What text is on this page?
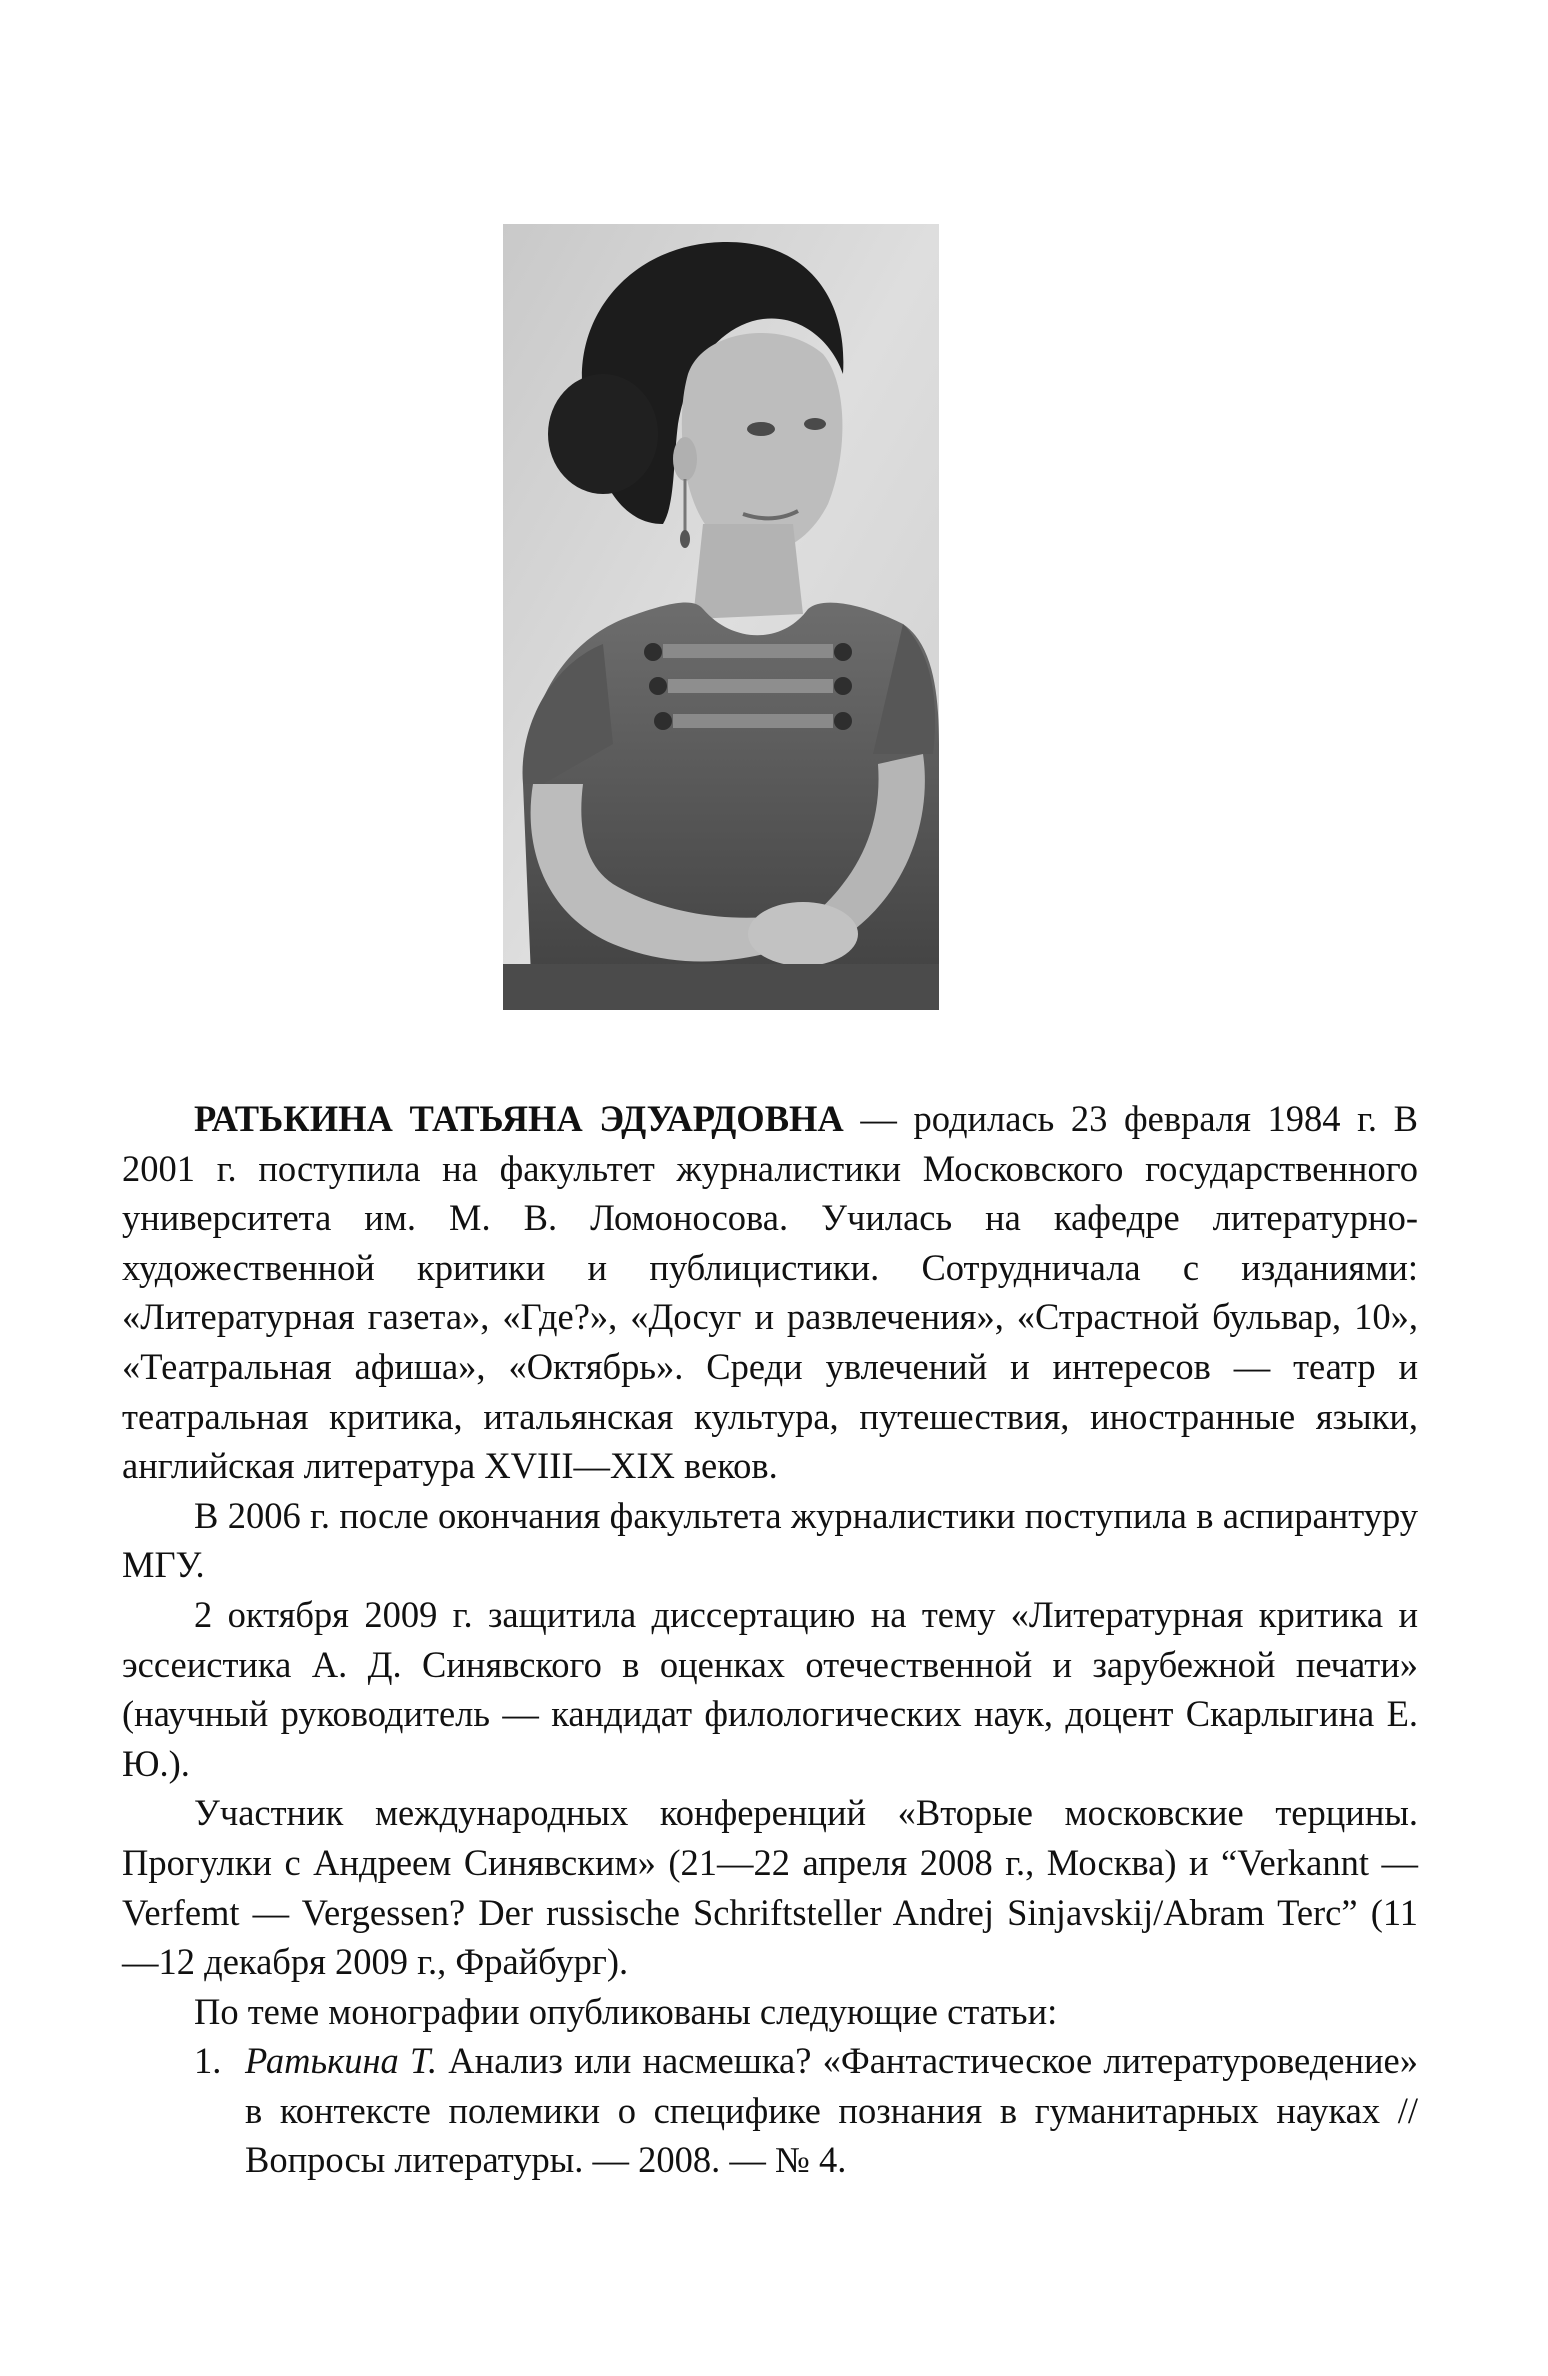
РАТЬКИНА ТАТЬЯНА ЭДУАРДОВНА — родилась 23 февраля 1984 г. В 2001 г. поступила на факультет журналистики Московского государственного университета им. М. В. Ломоносова. Училась на кафедре литературно-художественной критики и публицистики. Сотрудничала с изданиями: «Литературная газета», «Где?», «Досуг и развлечения», «Страстной бульвар, 10», «Театральная афиша», «Октябрь». Среди увлечений и интересов — театр и театральная критика, итальянская культура, путешествия, иностранные языки, английская литература XVIII—XIX веков.

В 2006 г. после окончания факультета журналистики поступила в аспирантуру МГУ.

2 октября 2009 г. защитила диссертацию на тему «Литературная критика и эссеистика А. Д. Синявского в оценках отечественной и зарубежной печати» (научный руководитель — кандидат филологических наук, доцент Скарлыгина Е. Ю.).

Участник международных конференций «Вторые московские терцины. Прогулки с Андреем Синявским» (21—22 апреля 2008 г., Москва) и “Verkannt — Verfemt — Vergessen? Der russische Schriftsteller Andrej Sinjavskij/Abram Terc” (11—12 декабря 2009 г., Фрайбург).

По теме монографии опубликованы следующие статьи:

1. Ратькина Т. Анализ или насмешка? «Фантастическое литературоведение» в контексте полемики о специфике познания в гуманитарных науках // Вопросы литературы. — 2008. — № 4.
